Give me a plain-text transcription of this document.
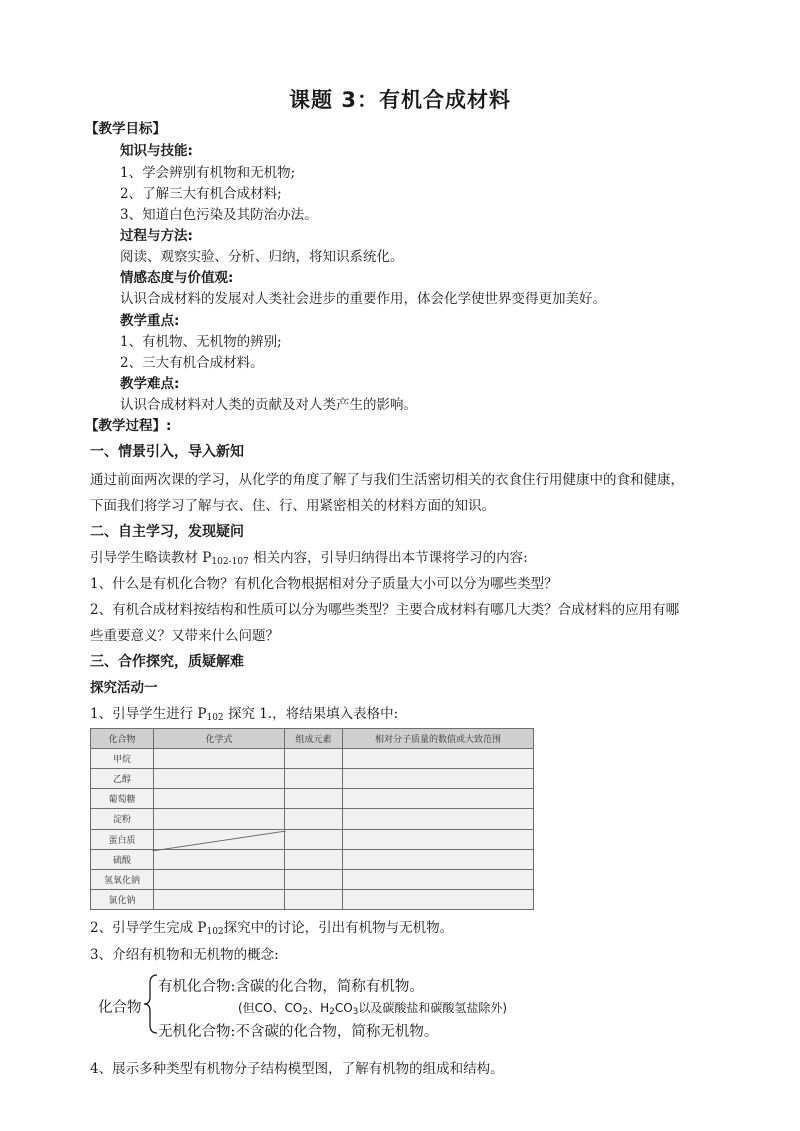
课题 3：有机合成材料
【教学目标】
知识与技能:
1、学会辨别有机物和无机物;
2、了解三大有机合成材料;
3、知道白色污染及其防治办法。
过程与方法:
阅读、观察实验、分析、归纳，将知识系统化。
情感态度与价值观:
认识合成材料的发展对人类社会进步的重要作用，体会化学使世界变得更加美好。
教学重点:
1、有机物、无机物的辨别;
2、三大有机合成材料。
教学难点:
认识合成材料对人类的贡献及对人类产生的影响。
【教学过程】:
一、情景引入，导入新知
通过前面两次课的学习，从化学的角度了解了与我们生活密切相关的衣食住行用健康中的食和健康，
下面我们将学习了解与衣、住、行、用紧密相关的材料方面的知识。
二、自主学习，发现疑问
引导学生略读教材 $P_{102-107}$ 相关内容，引导归纳得出本节课将学习的内容:
1、什么是有机化合物？有机化合物根据相对分子质量大小可以分为哪些类型？
2、有机合成材料按结构和性质可以分为哪些类型？主要合成材料有哪几大类？合成材料的应用有哪
些重要意义？又带来什么问题？
三、合作探究，质疑解难
探究活动一
1、引导学生进行 $P_{102}$ 探究 1.，将结果填入表格中:
化合物	化学式	组成元素	相对分子质量的数值或大致范围
甲烷			
乙醇			
葡萄糖			
淀粉			
蛋白质			
硫酸			
氢氧化钠			
氯化钠			
2、引导学生完成 $P_{102}$探究中的讨论，引出有机物与无机物。
3、介绍有机物和无机物的概念:
化合物
有机化合物:含碳的化合物，简称有机物。
(但CO、$CO_2$、$H_2CO_3$以及碳酸盐和碳酸氢盐除外)
无机化合物:不含碳的化合物，简称无机物。
4、展示多种类型有机物分子结构模型图，了解有机物的组成和结构。
